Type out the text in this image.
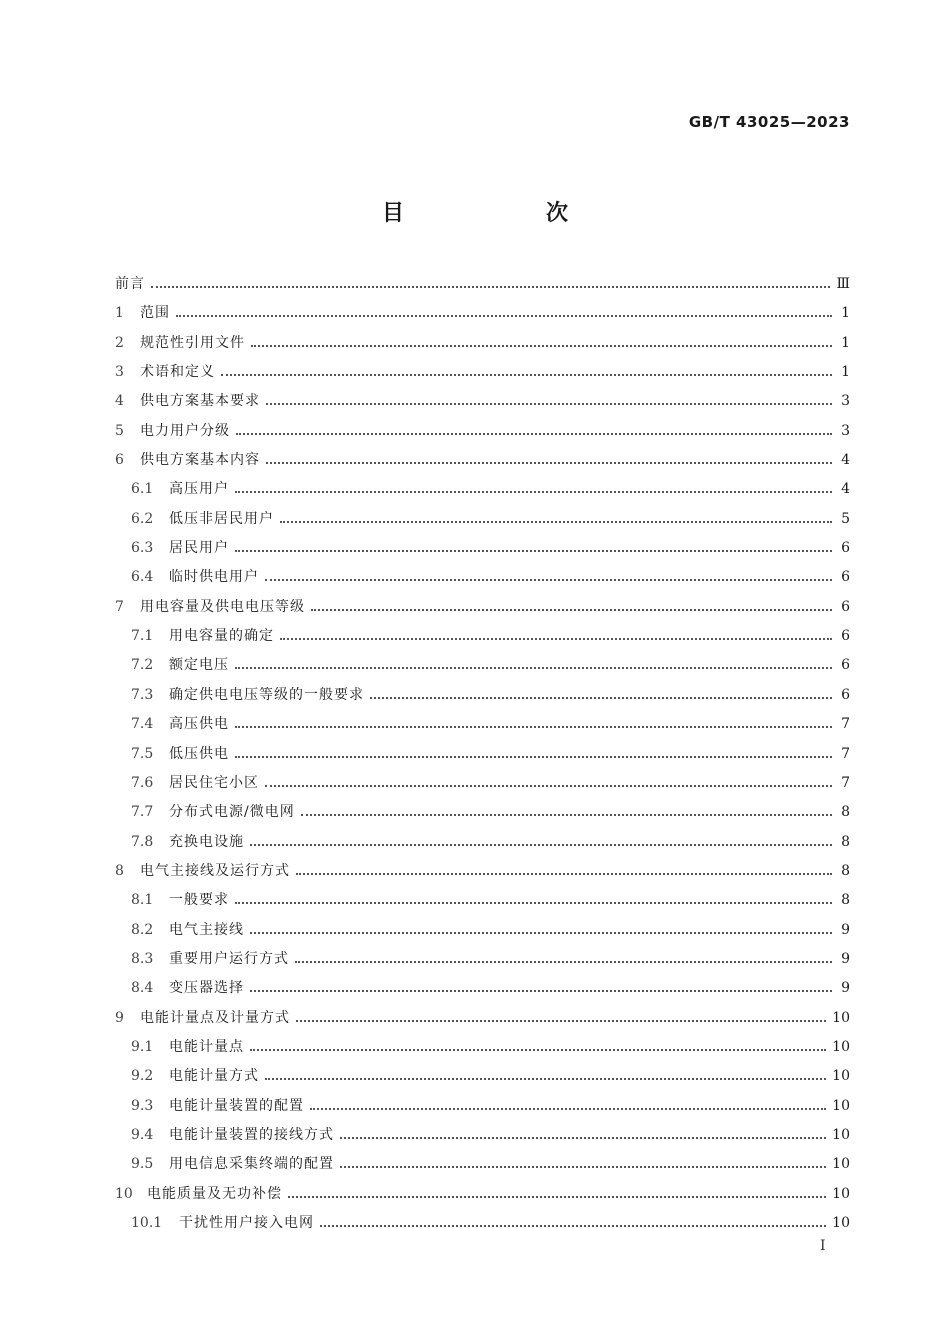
GB/T 43025—2023
目　次
前言	Ⅲ
1	范围	1
2	规范性引用文件	1
3	术语和定义	1
4	供电方案基本要求	3
5	电力用户分级	3
6	供电方案基本内容	4
6.1	高压用户	4
6.2	低压非居民用户	5
6.3	居民用户	6
6.4	临时供电用户	6
7	用电容量及供电电压等级	6
7.1	用电容量的确定	6
7.2	额定电压	6
7.3	确定供电电压等级的一般要求	6
7.4	高压供电	7
7.5	低压供电	7
7.6	居民住宅小区	7
7.7	分布式电源/微电网	8
7.8	充换电设施	8
8	电气主接线及运行方式	8
8.1	一般要求	8
8.2	电气主接线	9
8.3	重要用户运行方式	9
8.4	变压器选择	9
9	电能计量点及计量方式	10
9.1	电能计量点	10
9.2	电能计量方式	10
9.3	电能计量装置的配置	10
9.4	电能计量装置的接线方式	10
9.5	用电信息采集终端的配置	10
10	电能质量及无功补偿	10
10.1	干扰性用户接入电网	10
Ⅰ
